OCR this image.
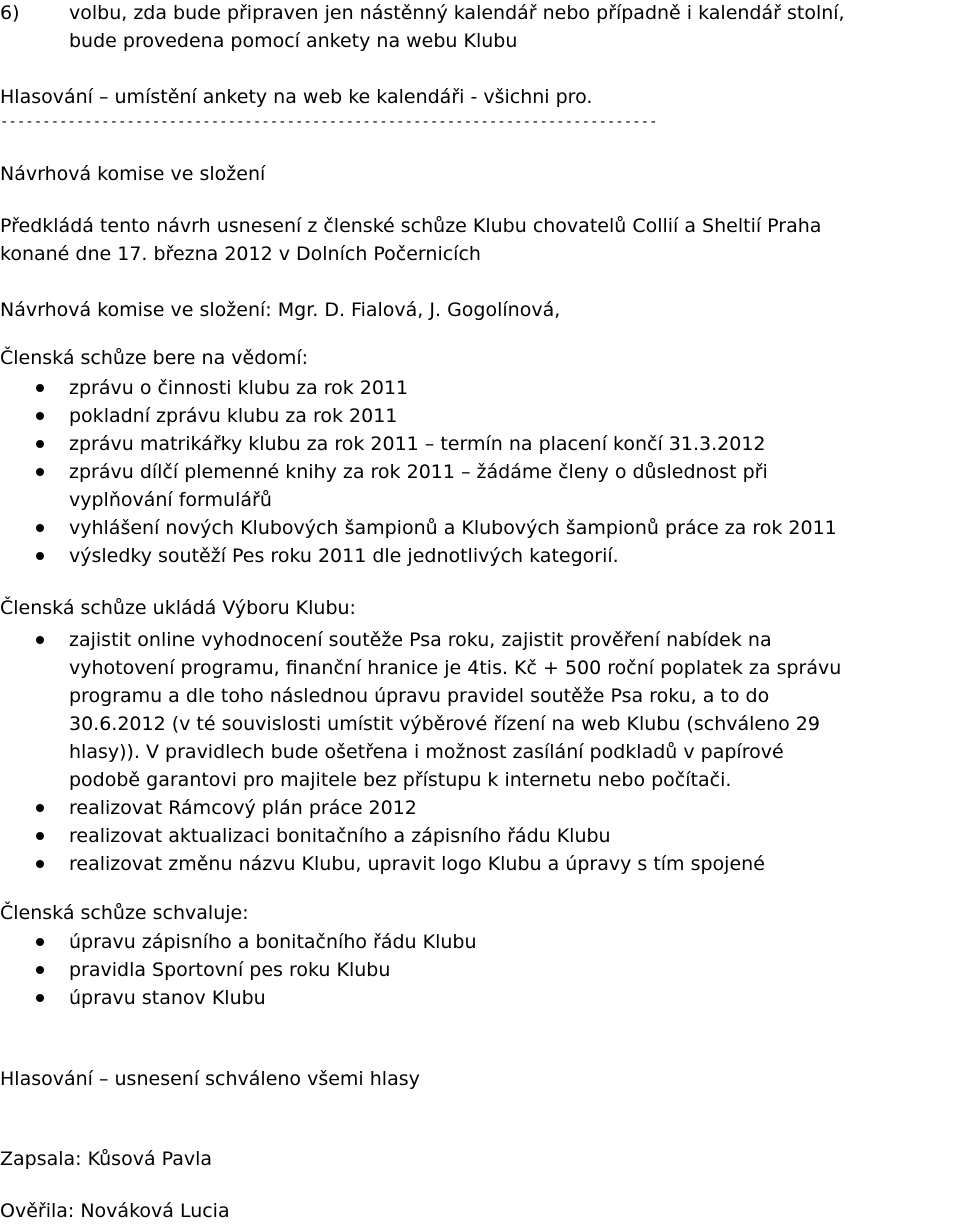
6)	volbu, zda bude připraven jen nástěnný kalendář nebo případně i kalendář stolní,
bude provedena pomocí ankety na webu Klubu
Hlasování – umístění ankety na web ke kalendáři - všichni pro.
------------------------------------------------------------------------------
Návrhová komise ve složení
Předkládá tento návrh usnesení z členské schůze Klubu chovatelů Collií a Sheltií Praha
konané dne 17. března 2012 v Dolních Počernicích
Návrhová komise ve složení: Mgr. D. Fialová, J. Gogolínová,
Členská schůze bere na vědomí:
zprávu o činnosti klubu za rok 2011
pokladní zprávu klubu za rok 2011
zprávu matrikářky klubu za rok 2011 – termín na placení končí 31.3.2012
zprávu dílčí plemenné knihy za rok 2011 – žádáme členy o důslednost při
vyplňování formulářů
vyhlášení nových Klubových šampionů a Klubových šampionů práce za rok 2011
výsledky soutěží Pes roku 2011 dle jednotlivých kategorií.
Členská schůze ukládá Výboru Klubu:
zajistit online vyhodnocení soutěže Psa roku, zajistit prověření nabídek na
vyhotovení programu, finanční hranice je 4tis. Kč + 500 roční poplatek za správu
programu a dle toho následnou úpravu pravidel soutěže Psa roku, a to do
30.6.2012 (v té souvislosti umístit výběrové řízení na web Klubu (schváleno 29
hlasy)). V pravidlech bude ošetřena i možnost zasílání podkladů v papírové
podobě garantovi pro majitele bez přístupu k internetu nebo počítači.
realizovat Rámcový plán práce 2012
realizovat aktualizaci bonitačního a zápisního řádu Klubu
realizovat změnu názvu Klubu, upravit logo Klubu a úpravy s tím spojené
Členská schůze schvaluje:
úpravu zápisního a bonitačního řádu Klubu
pravidla Sportovní pes roku Klubu
úpravu stanov Klubu
Hlasování – usnesení schváleno všemi hlasy
Zapsala: Kůsová Pavla
Ověřila: Nováková Lucia
